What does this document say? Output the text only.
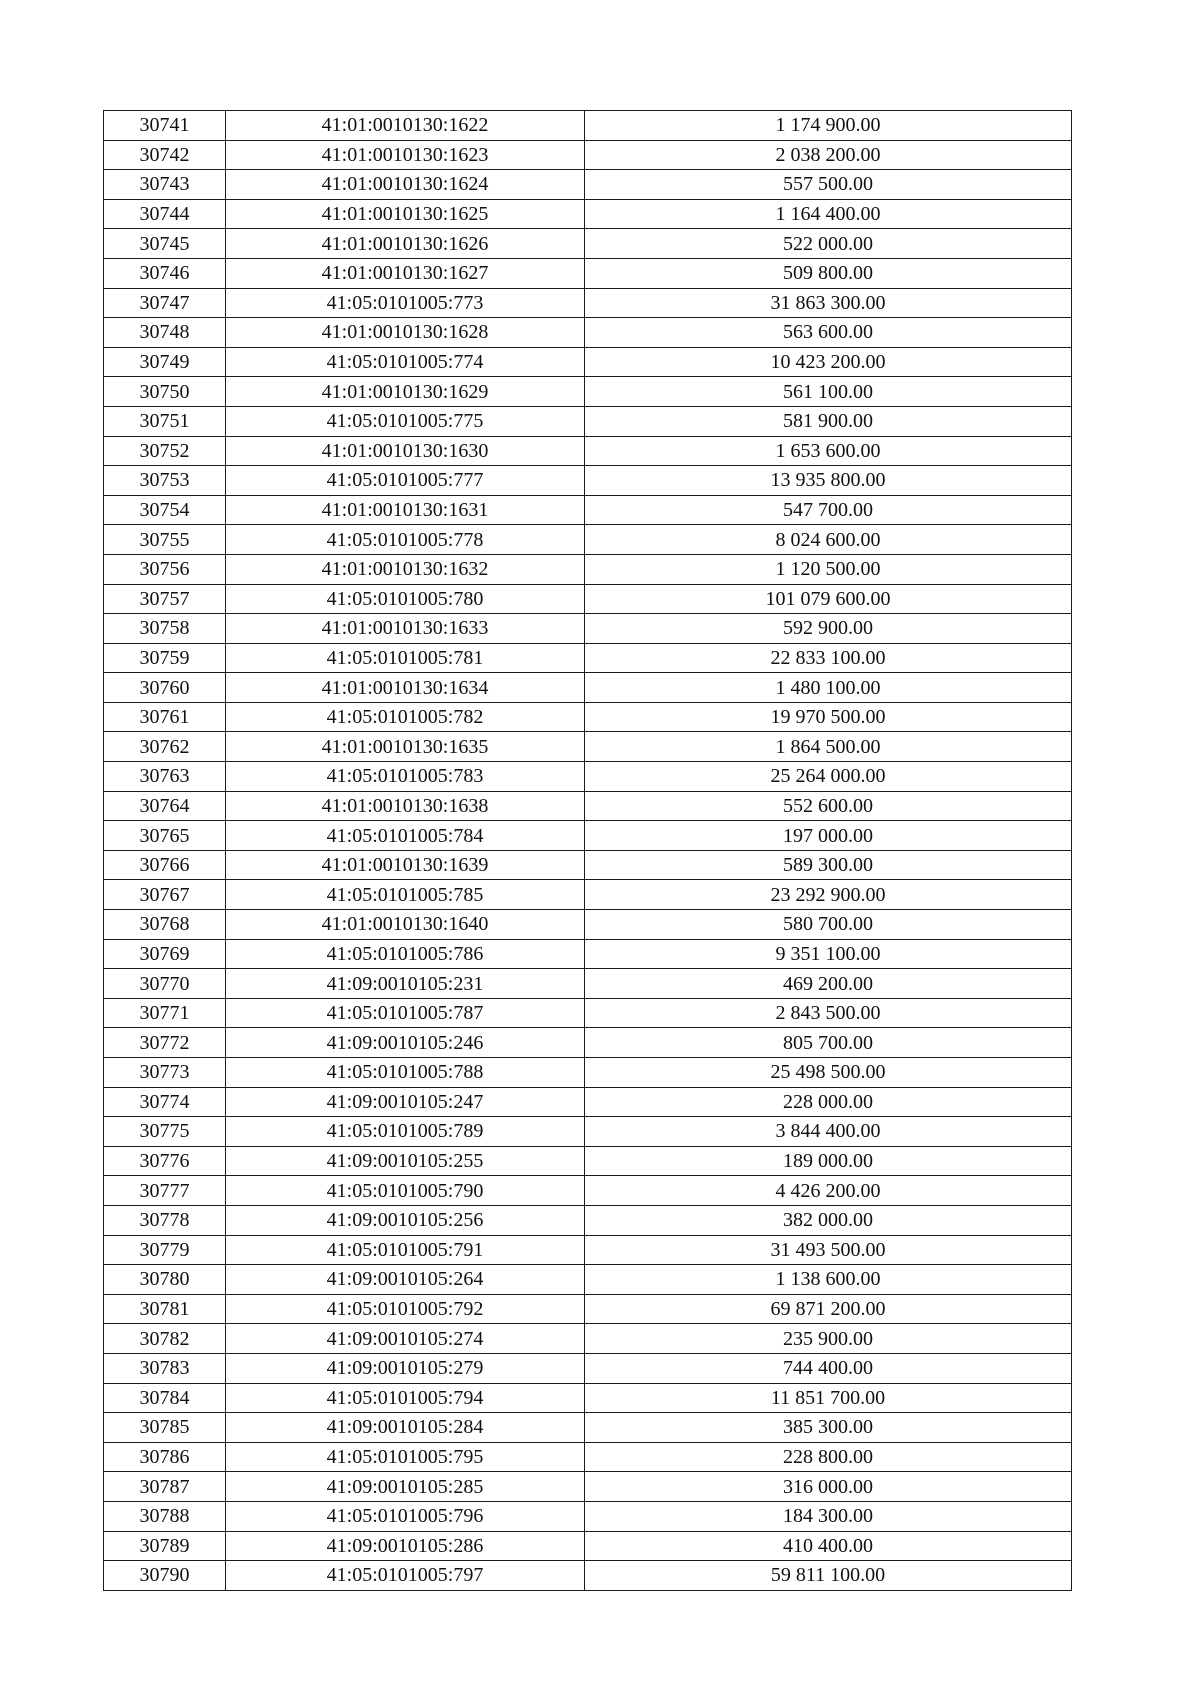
30741	41:01:0010130:1622	1 174 900.00
30742	41:01:0010130:1623	2 038 200.00
30743	41:01:0010130:1624	557 500.00
30744	41:01:0010130:1625	1 164 400.00
30745	41:01:0010130:1626	522 000.00
30746	41:01:0010130:1627	509 800.00
30747	41:05:0101005:773	31 863 300.00
30748	41:01:0010130:1628	563 600.00
30749	41:05:0101005:774	10 423 200.00
30750	41:01:0010130:1629	561 100.00
30751	41:05:0101005:775	581 900.00
30752	41:01:0010130:1630	1 653 600.00
30753	41:05:0101005:777	13 935 800.00
30754	41:01:0010130:1631	547 700.00
30755	41:05:0101005:778	8 024 600.00
30756	41:01:0010130:1632	1 120 500.00
30757	41:05:0101005:780	101 079 600.00
30758	41:01:0010130:1633	592 900.00
30759	41:05:0101005:781	22 833 100.00
30760	41:01:0010130:1634	1 480 100.00
30761	41:05:0101005:782	19 970 500.00
30762	41:01:0010130:1635	1 864 500.00
30763	41:05:0101005:783	25 264 000.00
30764	41:01:0010130:1638	552 600.00
30765	41:05:0101005:784	197 000.00
30766	41:01:0010130:1639	589 300.00
30767	41:05:0101005:785	23 292 900.00
30768	41:01:0010130:1640	580 700.00
30769	41:05:0101005:786	9 351 100.00
30770	41:09:0010105:231	469 200.00
30771	41:05:0101005:787	2 843 500.00
30772	41:09:0010105:246	805 700.00
30773	41:05:0101005:788	25 498 500.00
30774	41:09:0010105:247	228 000.00
30775	41:05:0101005:789	3 844 400.00
30776	41:09:0010105:255	189 000.00
30777	41:05:0101005:790	4 426 200.00
30778	41:09:0010105:256	382 000.00
30779	41:05:0101005:791	31 493 500.00
30780	41:09:0010105:264	1 138 600.00
30781	41:05:0101005:792	69 871 200.00
30782	41:09:0010105:274	235 900.00
30783	41:09:0010105:279	744 400.00
30784	41:05:0101005:794	11 851 700.00
30785	41:09:0010105:284	385 300.00
30786	41:05:0101005:795	228 800.00
30787	41:09:0010105:285	316 000.00
30788	41:05:0101005:796	184 300.00
30789	41:09:0010105:286	410 400.00
30790	41:05:0101005:797	59 811 100.00
